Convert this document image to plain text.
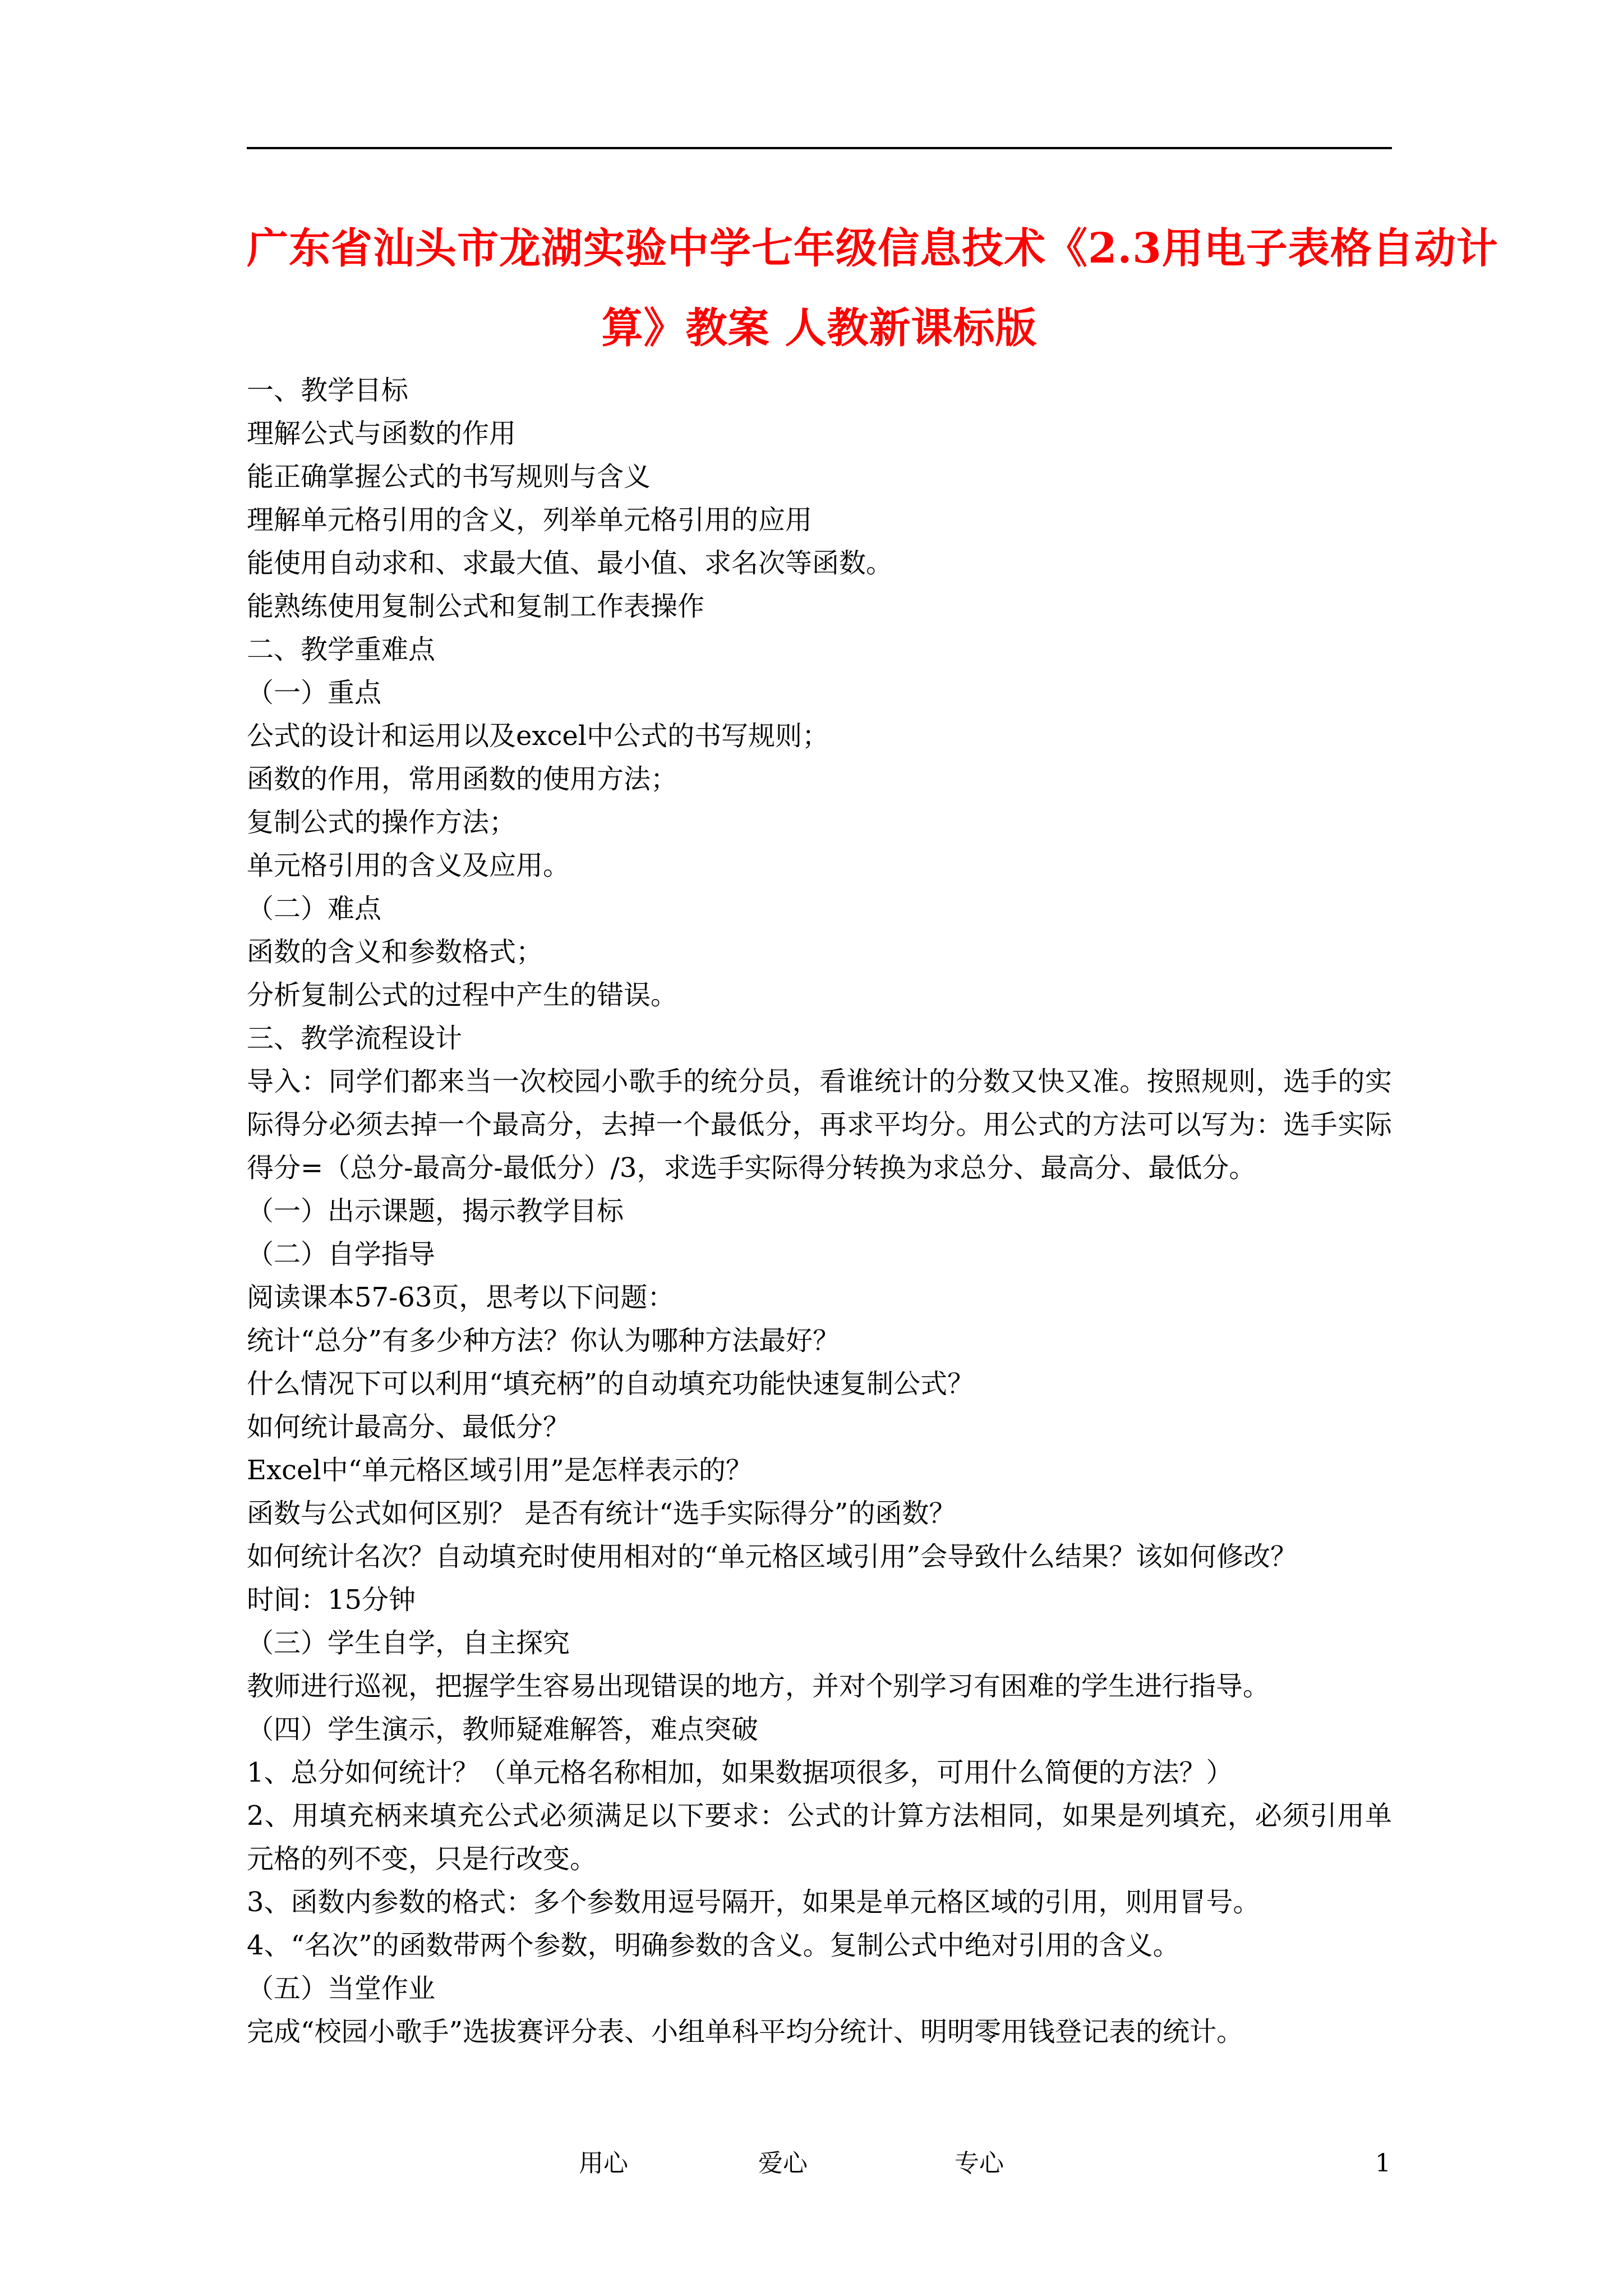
广东省汕头市龙湖实验中学七年级信息技术《2.3用电子表格自动计
算》教案 人教新课标版
一、教学目标
理解公式与函数的作用
能正确掌握公式的书写规则与含义
理解单元格引用的含义，列举单元格引用的应用
能使用自动求和、求最大值、最小值、求名次等函数。
能熟练使用复制公式和复制工作表操作
二、教学重难点
（一）重点
公式的设计和运用以及excel中公式的书写规则；
函数的作用，常用函数的使用方法；
复制公式的操作方法；
单元格引用的含义及应用。
（二）难点
函数的含义和参数格式；
分析复制公式的过程中产生的错误。
三、教学流程设计
导入：同学们都来当一次校园小歌手的统分员，看谁统计的分数又快又准。按照规则，选手的实际得分必须去掉一个最高分，去掉一个最低分，再求平均分。用公式的方法可以写为：选手实际得分=（总分-最高分-最低分）/3，求选手实际得分转换为求总分、最高分、最低分。
（一）出示课题，揭示教学目标
（二）自学指导
阅读课本57-63页，思考以下问题：
统计“总分”有多少种方法？你认为哪种方法最好？
什么情况下可以利用“填充柄”的自动填充功能快速复制公式？
如何统计最高分、最低分？
Excel中“单元格区域引用”是怎样表示的？
函数与公式如何区别？ 是否有统计“选手实际得分”的函数？
如何统计名次？自动填充时使用相对的“单元格区域引用”会导致什么结果？该如何修改？
时间：15分钟
（三）学生自学，自主探究
教师进行巡视，把握学生容易出现错误的地方，并对个别学习有困难的学生进行指导。
（四）学生演示，教师疑难解答，难点突破
1、总分如何统计？（单元格名称相加，如果数据项很多，可用什么简便的方法？）
2、用填充柄来填充公式必须满足以下要求：公式的计算方法相同，如果是列填充，必须引用单元格的列不变，只是行改变。
3、函数内参数的格式：多个参数用逗号隔开，如果是单元格区域的引用，则用冒号。
4、“名次”的函数带两个参数，明确参数的含义。复制公式中绝对引用的含义。
（五）当堂作业
完成“校园小歌手”选拔赛评分表、小组单科平均分统计、明明零用钱登记表的统计。
用心	爱心	专心	1
